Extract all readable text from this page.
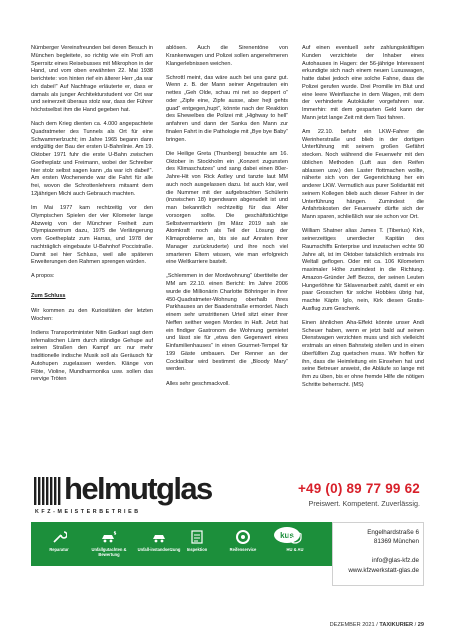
Nürnberger Vereinsfreunden bei deren Besuch in München begleitete, so richtig wie ein Profi am Sperrsitz eines Reisebusses mit Mikrophon in der Hand, und vom oben erwähnten 22. Mai 1938 berichtete: von hinten rief ein älterer Herr „da war ich dabei!“ Auf Nachfrage erläuterte er, dass er damals als junger Architekturstudent vor Ort war und seinerzeit überaus stolz war, dass der Führer höchstselbst ihm die Hand gegeben hat.

Nach dem Krieg dienten ca. 4.000 angepachtete Quadratmeter des Tunnels als Ort für eine Schwammerlzucht; im Jahre 1965 begann dann endgültig der Bau der ersten U-Bahnlinie. Am 19. Oktober 1971 fuhr die erste U-Bahn zwischen Goetheplatz und Freimann, wobei der Schreiber hier stolz selbst sagen kann „da war ich dabei!“. Am ersten Wochenende war die Fahrt für alle frei, wovon die Schrottenlehrers mitsamt dem 12jährigen Michi auch Gebrauch machten.

Im Mai 1977 kam rechtzeitig vor den Olympischen Spielen der vier Kilometer lange Abzweig von der Münchner Freiheit zum Olympiazentrum dazu, 1975 die Verlängerung vom Goetheplatz zum Harras, und 1978 der nachträglich eingebaute U-Bahnhof Poccistraße. Damit sei hier Schluss, weil alle späteren Erweiterungen den Rahmen sprengen würden.

A propos:

Zum Schluss

Wir kommen zu den Kuriositäten der letzten Wochen:

Indiens Transportminister Nitin Gadkari sagt dem infernalischen Lärm durch ständige Gehupe auf seinen Straßen den Kampf an: nur mehr traditionelle indische Musik soll als Geräusch für Autohupen zugelassen werden. Klänge von Flöte, Violine, Mundharmonika usw. sollen das nervige Tröten

ablösen. Auch die Sirenentöne von Krankenwagen und Polizei sollen angenehmeren Klangerlebnissen weichen.

Schrottl meint, das wäre auch bei uns ganz gut. Wenn z. B. der Mann seiner Angetrauten ein nettes „Geh Olde, schau mi net so deppert o“ oder „Zipfe eine, Zipfe ausse, aber hejt gehts guad“ entgegen„hupt“, könnte nach der Reaktion des Ehewelbes die Polizei mit „Highway to hell“ anfahren und dann der Sanka den Mann zur finalen Fahrt in die Pathologie mit „Bye bye Baby“ bringen.

Die Heilige Greta (Thunberg) besuchte am 16. Oktober in Stockholm ein „Konzert zugunsten des Klimaschutzes“ und sang dabei einen 80er-Jahre-Hit von Rick Astley und tanzte laut MM auch noch ausgelassen dazu. Ist auch klar, weil die Nummer mit der aufgebrachten Schülerin (inzwischen 18) irgendwann abgenudelt ist und man bekanntlich rechtzeitig für das Alter vorsorgen sollte. Die geschäftstüchtige Selbstvermarkterin (im März 2019 sah sie Atomkraft noch als Teil der Lösung der Klimaprobleme an, bis sie auf Anraten ihrer Manager zurückruderte) und ihre noch viel smarteren Eltern wissen, wie man erfolgreich eine Weltkarriere bastelt.

„Schlemmen in der Mordwohnung“ übertitelte der MM am 22.10. einen Bericht: Im Jahre 2006 wurde die Millionärin Charlotte Böhringer in ihrer 450-Quadratmeter-Wohnung oberhalb ihres Parkhauses an der Baaderstraße ermordet. Nach einem sehr umstrittenen Urteil sitzt einer ihrer Neffen seither wegen Mordes in Haft. Jetzt hat ein findiger Gastronom die Wohnung gemietet und lässt sie für „etwa den Gegenwert eines Einfamilienhauses“ in einen Gourmet-Tempel für 199 Gäste umbauen. Der Renner an der Cocktailbar wird bestimmt die „Bloody Mary“ werden.

Alles sehr geschmackvoll.

Auf einen eventuell sehr zahlungskräftigen Kunden verzichtete der Inhaber eines Autohauses in Hagen: der 56-jährige Interessent erkundigte sich nach einem neuen Luxuswagen, hatte dabei jedoch eine solche Fahne, dass die Polizei gerufen wurde. Drei Promille im Blut und eine leere Weinflasche in dem Wagen, mit dem der verhinderte Autokäufer vorgefahren war. Immerhin: mit dem gesparten Geld kann der Mann jetzt lange Zeit mit dem Taxi fahren.

Am 22.10. befuhr ein LKW-Fahrer die Werinherstraße und blieb in der dortigen Unterführung mit seinem großen Gefährt stecken. Noch während die Feuerwehr mit den üblichen Methoden (Luft aus den Reifen ablassen usw.) den Laster flottmachen wollte, näherte sich von der Gegenrichtung her ein anderer LKW. Vermutlich aus purer Solidarität mit seinem Kollegen blieb auch dieser Fahrer in der Unterführung hängen. Zumindest die Anfahrtskosten der Feuerwehr dürfte sich der Mann sparen, schließlich war sie schon vor Ort.

William Shatner alias James T. (Tiberius) Kirk, seinerzeitiges unerdiecter Kapitän des Raumschiffs Enterprise und inzwischen echte 90 Jahre alt, ist im Oktober tatsächlich erstmals ins Weltall geflogen. Oder mit ca. 106 Kilometern maximaler Höhe zumindest in die Richtung. Amazon-Gründer Jeff Bezos, der seinen Leuten Hungerlöhne für Sklavenarbeit zahlt, damit er ein paar Grosschen für solche Hobbies übrig hat, machte Käptn Iglo, nein, Kirk diesen Gratis-Ausflug zum Geschenk.

Einen ähnlichen Aha-Effekt könnte unser Andi Scheuer haben, wenn er jetzt bald auf seinen Dienstwagen verzichten muss und sich vielleicht erstmals an einen Bahnsteig stellen und in einen überfüllten Zug quetschen muss. Wir hoffen für ihn, dass die Heimleitung ein Einsehen hat und seine Betreuer anweist, die Abläufe so lange mit ihm zu üben, bis er ohne fremde Hilfe die nötigen Schritte beherrscht. (MS)

helmutglas
KFZ-MEISTERBETRIEB
+49 (0) 89 77 99 62
Preiswert. Kompetent. Zuverlässig.
kus
Reparatur	Unfallgutachten & Bewertung
Unfall-instandsetzung	Inspektion	Reifenservice	HU & AU
Engelhardstraße 6
81369 München
info@glas-kfz.de
www.kfzwerkstatt-glas.de
DEZEMBER 2021 / TAXIKURIER / 29
